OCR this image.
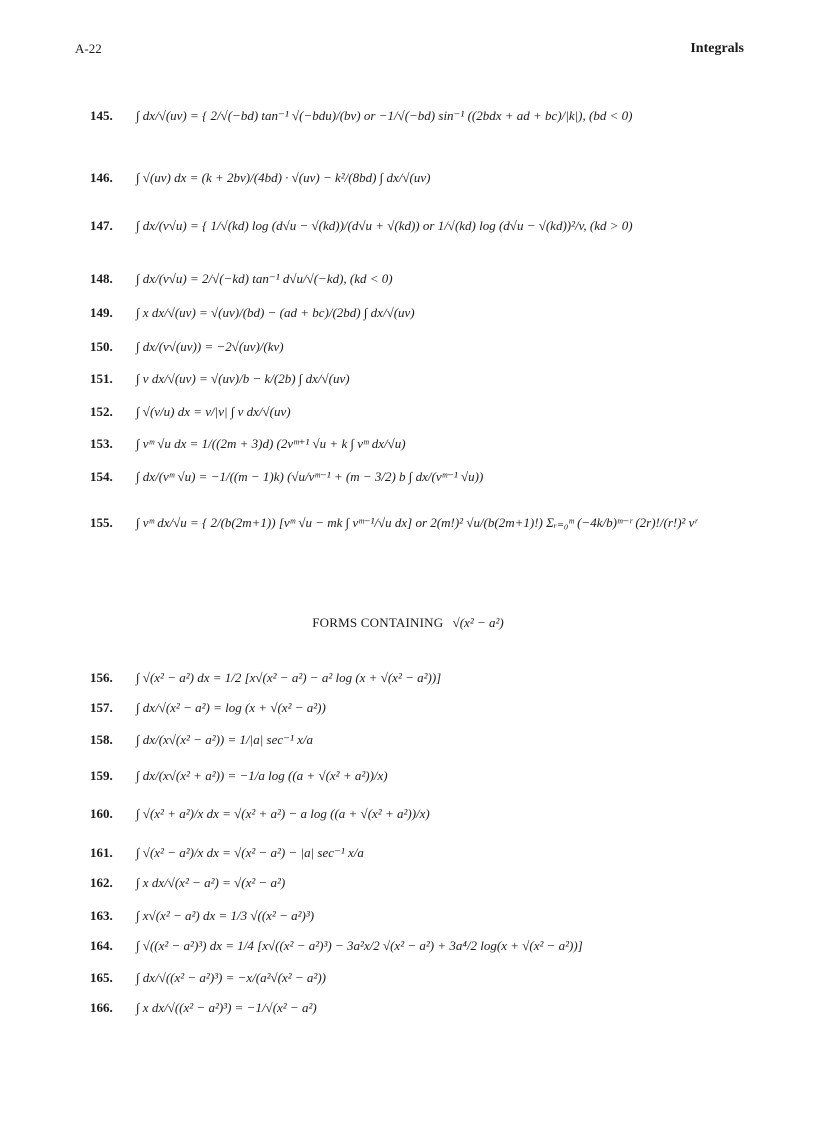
A-22	Integrals
145.	∫ dx/√(uv) = { 2/√(−bd) tan⁻¹ √(−bdu)/(bv) or −1/√(−bd) sin⁻¹ ((2bdx + ad + bc)/|k|), (bd < 0)
146.	∫ √(uv) dx = (k + 2bv)/(4bd) · √(uv) − k²/(8bd) ∫ dx/√(uv)
147.	∫ dx/(v√u) = { 1/√(kd) log (d√u − √(kd))/(d√u + √(kd)) or 1/√(kd) log (d√u − √(kd))²/v, (kd > 0)
148.	∫ dx/(v√u) = 2/√(−kd) tan⁻¹ d√u/√(−kd), (kd < 0)
149.	∫ x dx/√(uv) = √(uv)/(bd) − (ad + bc)/(2bd) ∫ dx/√(uv)
150.	∫ dx/(v√(uv)) = −2√(uv)/(kv)
151.	∫ v dx/√(uv) = √(uv)/b − k/(2b) ∫ dx/√(uv)
152.	∫ √(v/u) dx = v/|v| ∫ v dx/√(uv)
153.	∫ vᵐ √u dx = 1/((2m + 3)d) (2vᵐ⁺¹ √u + k ∫ vᵐ dx/√u)
154.	∫ dx/(vᵐ √u) = −1/((m − 1)k) (√u/vᵐ⁻¹ + (m − 3/2) b ∫ dx/(vᵐ⁻¹ √u))
155.	∫ vᵐ dx/√u = { 2/(b(2m+1)) [vᵐ √u − mk ∫ vᵐ⁻¹/√u dx] or 2(m!)² √u/(b(2m+1)!) Σᵣ₌₀ᵐ (−4k/b)ᵐ⁻ʳ (2r)!/(r!)² vʳ
FORMS CONTAINING √(x² − a²)
156.	∫ √(x² − a²) dx = 1/2 [x√(x² − a²) − a² log (x + √(x² − a²))]
157.	∫ dx/√(x² − a²) = log (x + √(x² − a²))
158.	∫ dx/(x√(x² − a²)) = 1/|a| sec⁻¹ x/a
159.	∫ dx/(x√(x² + a²)) = −1/a log ((a + √(x² + a²))/x)
160.	∫ √(x² + a²)/x dx = √(x² + a²) − a log ((a + √(x² + a²))/x)
161.	∫ √(x² − a²)/x dx = √(x² − a²) − |a| sec⁻¹ x/a
162.	∫ x dx/√(x² − a²) = √(x² − a²)
163.	∫ x√(x² − a²) dx = 1/3 √((x² − a²)³)
164.	∫ √((x² − a²)³) dx = 1/4 [x√((x² − a²)³) − 3a²x/2 √(x² − a²) + 3a⁴/2 log(x + √(x² − a²))]
165.	∫ dx/√((x² − a²)³) = −x/(a²√(x² − a²))
166.	∫ x dx/√((x² − a²)³) = −1/√(x² − a²)
